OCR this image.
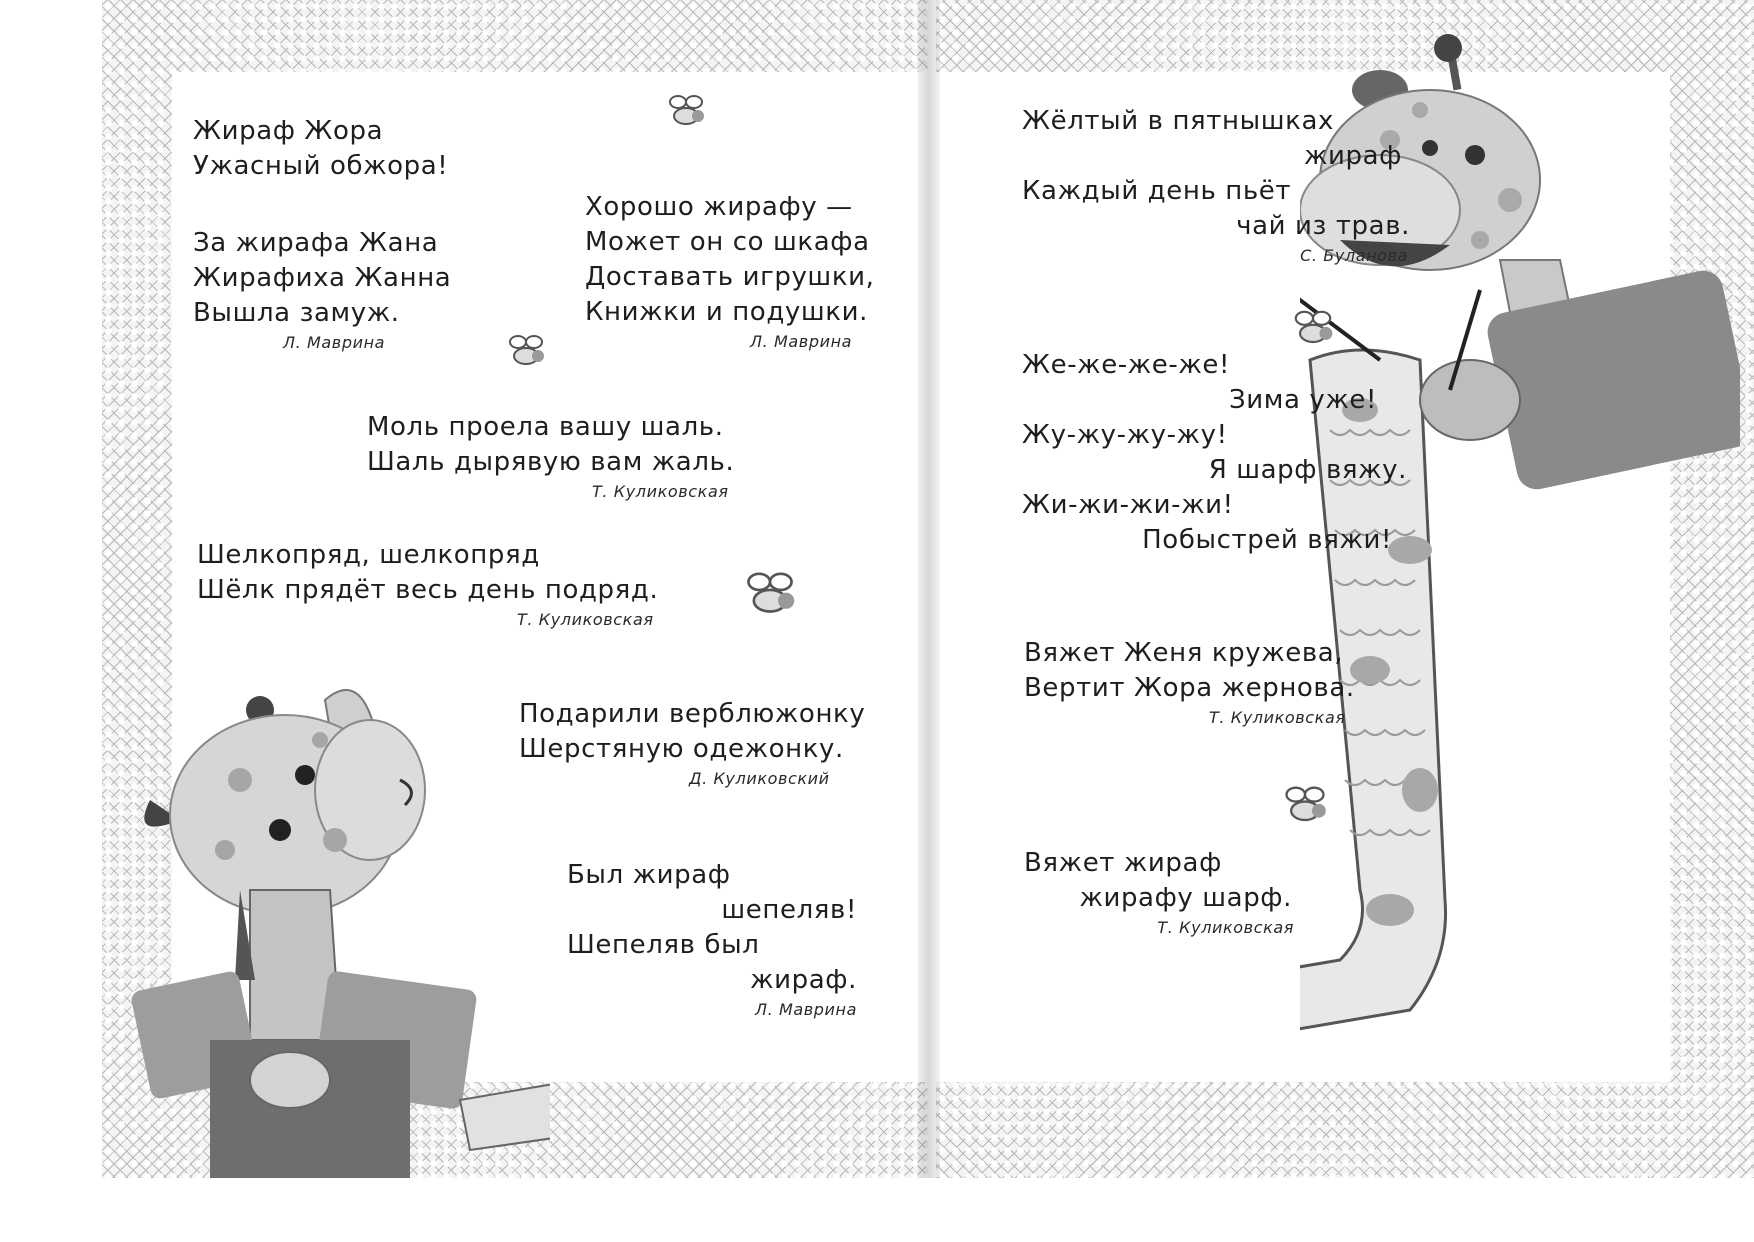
Жираф Жора
Ужасный обжора!
За жирафа Жана
Жирафиха Жанна
Вышла замуж.
Л. Маврина
Хорошо жирафу —
Может он со шкафа
Доставать игрушки,
Книжки и подушки.
Л. Маврина
Моль проела вашу шаль.
Шаль дырявую вам жаль.
Т. Куликовская
Шелкопряд, шелкопряд
Шёлк прядёт весь день подряд.
Т. Куликовская
Подарили верблюжонку
Шерстяную одежонку.
Д. Куликовский
Был жираф
шепеляв!
Шепеляв был
жираф.
Л. Маврина
Жёлтый в пятнышках
жираф
Каждый день пьёт
чай из трав.
С. Буланова
Же-же-же-же!
Зима уже!
Жу-жу-жу-жу!
Я шарф вяжу.
Жи-жи-жи-жи!
Побыстрей вяжи!
Вяжет Женя кружева,
Вертит Жора жернова.
Т. Куликовская
Вяжет жираф
жирафу шарф.
Т. Куликовская
